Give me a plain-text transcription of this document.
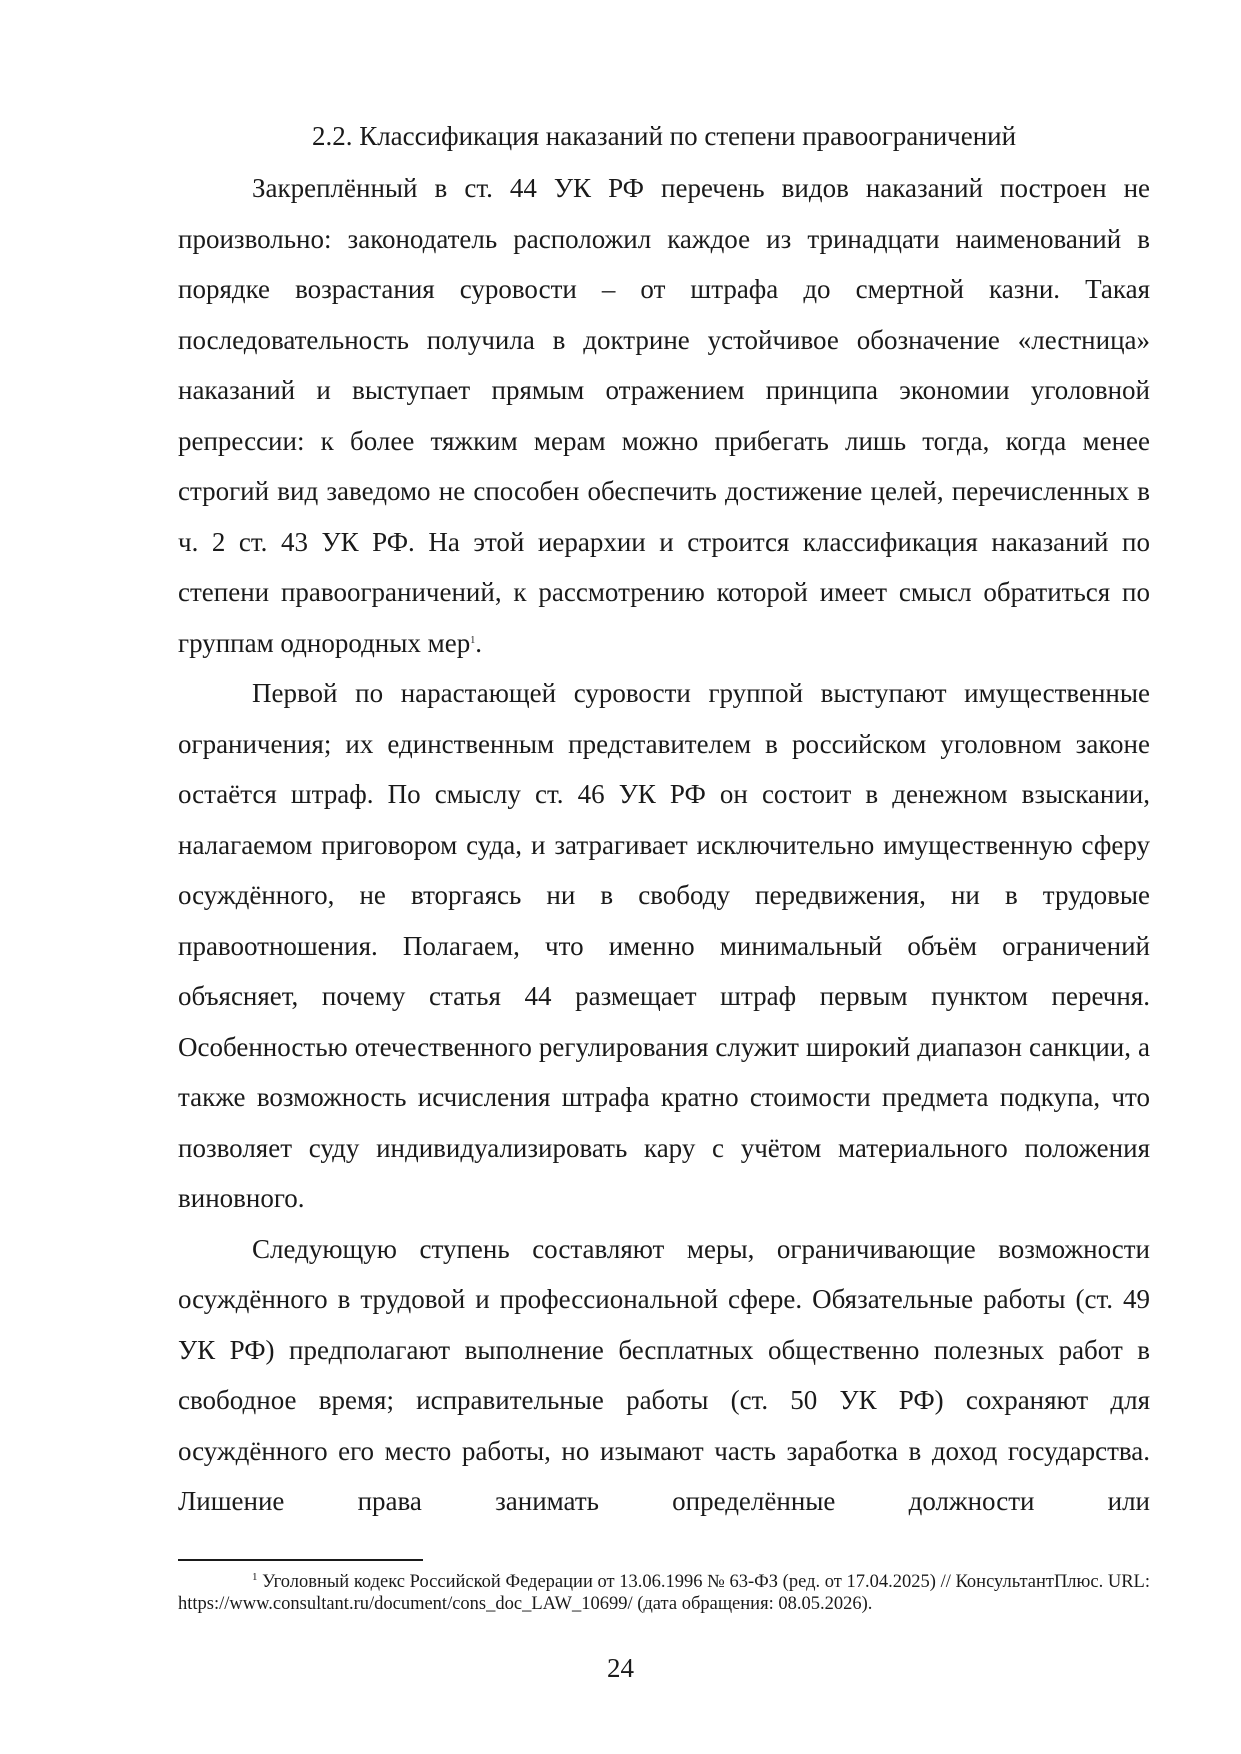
2.2. Классификация наказаний по степени правоограничений

Закреплённый в ст. 44 УК РФ перечень видов наказаний построен не произвольно: законодатель расположил каждое из тринадцати наименований в порядке возрастания суровости – от штрафа до смертной казни. Такая последовательность получила в доктрине устойчивое обозначение «лестница» наказаний и выступает прямым отражением принципа экономии уголовной репрессии: к более тяжким мерам можно прибегать лишь тогда, когда менее строгий вид заведомо не способен обеспечить достижение целей, перечисленных в ч. 2 ст. 43 УК РФ. На этой иерархии и строится классификация наказаний по степени правоограничений, к рассмотрению которой имеет смысл обратиться по группам однородных мер$^1$.

Первой по нарастающей суровости группой выступают имущественные ограничения; их единственным представителем в российском уголовном законе остаётся штраф. По смыслу ст. 46 УК РФ он состоит в денежном взыскании, налагаемом приговором суда, и затрагивает исключительно имущественную сферу осуждённого, не вторгаясь ни в свободу передвижения, ни в трудовые правоотношения. Полагаем, что именно минимальный объём ограничений объясняет, почему статья 44 размещает штраф первым пунктом перечня. Особенностью отечественного регулирования служит широкий диапазон санкции, а также возможность исчисления штрафа кратно стоимости предмета подкупа, что позволяет суду индивидуализировать кару с учётом материального положения виновного.

Следующую ступень составляют меры, ограничивающие возможности осуждённого в трудовой и профессиональной сфере. Обязательные работы (ст. 49 УК РФ) предполагают выполнение бесплатных общественно полезных работ в свободное время; исправительные работы (ст. 50 УК РФ) сохраняют для осуждённого его место работы, но изымают часть заработка в доход государства. Лишение права занимать определённые должности или

$^1$ Уголовный кодекс Российской Федерации от 13.06.1996 № 63-ФЗ (ред. от 17.04.2025) // КонсультантПлюс. URL: https://www.consultant.ru/document/cons_doc_LAW_10699/ (дата обращения: 08.05.2026).

24
